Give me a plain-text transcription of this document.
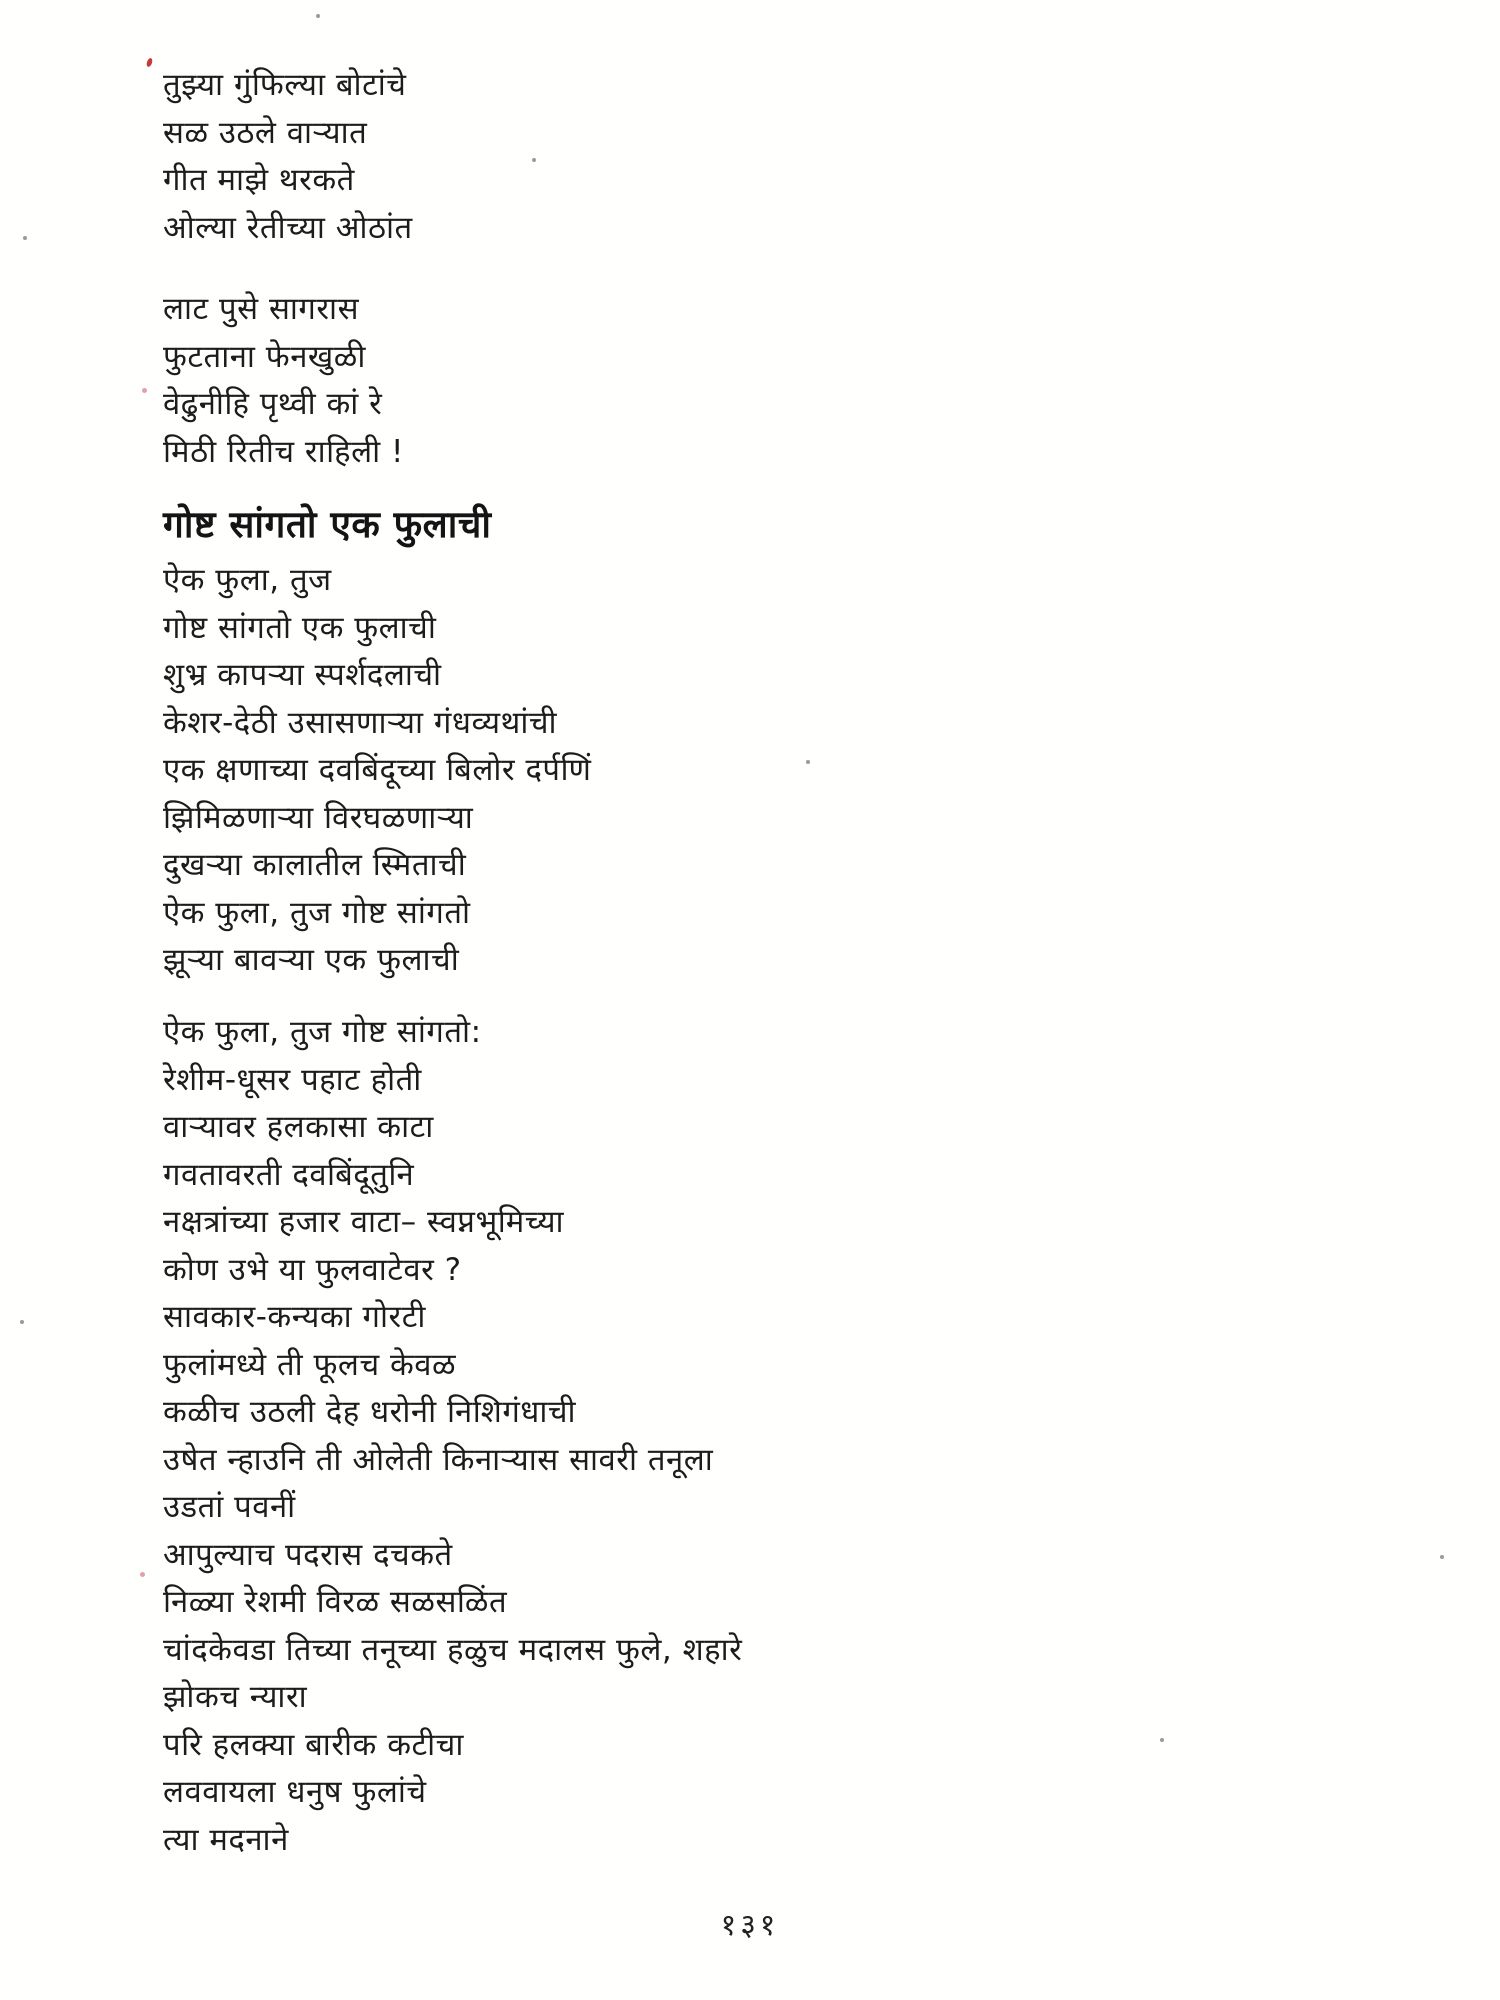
तुझ्या गुंफिल्या बोटांचे
सळ उठले वाऱ्यात
गीत माझे थरकते
ओल्या रेतीच्या ओठांत
लाट पुसे सागरास
फुटताना फेनखुळी
वेढुनीहि पृथ्वी कां रे
मिठी रितीच राहिली !
गोष्ट सांगतो एक फुलाची
ऐक फुला, तुज
गोष्ट सांगतो एक फुलाची
शुभ्र कापऱ्या स्पर्शदलाची
केशर-देठी उसासणाऱ्या गंधव्यथांची
एक क्षणाच्या दवबिंदूच्या बिलोर दर्पणिं
झिमिळणाऱ्या विरघळणाऱ्या
दुखऱ्या कालातील स्मिताची
ऐक फुला, तुज गोष्ट सांगतो
झूऱ्या बावऱ्या एक फुलाची
ऐक फुला, तुज गोष्ट सांगतो:
रेशीम-धूसर पहाट होती
वाऱ्यावर हलकासा काटा
गवतावरती दवबिंदूतुनि
नक्षत्रांच्या हजार वाटा– स्वप्नभूमिच्या
कोण उभे या फुलवाटेवर ?
सावकार-कन्यका गोरटी
फुलांमध्ये ती फूलच केवळ
कळीच उठली देह धरोनी निशिगंधाची
उषेत न्हाउनि ती ओलेती किनाऱ्यास सावरी तनूला
उडतां पवनीं
आपुल्याच पदरास दचकते
निळ्या रेशमी विरळ सळसळिंत
चांदकेवडा तिच्या तनूच्या हळुच मदालस फुले, शहारे
झोकच न्यारा
परि हलक्या बारीक कटीचा
लववायला धनुष फुलांचे
त्या मदनाने
१३१
